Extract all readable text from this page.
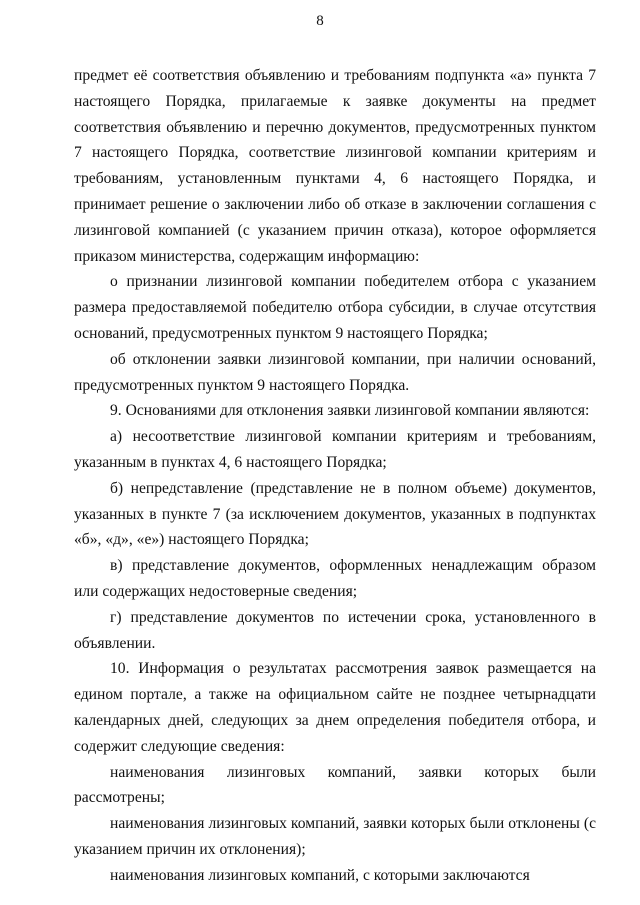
8

предмет её соответствия объявлению и требованиям подпункта «а» пункта 7 настоящего Порядка, прилагаемые к заявке документы на предмет соответствия объявлению и перечню документов, предусмотренных пунктом 7 настоящего Порядка, соответствие лизинговой компании критериям и требованиям, установленным пунктами 4, 6 настоящего Порядка, и принимает решение о заключении либо об отказе в заключении соглашения с лизинговой компанией (с указанием причин отказа), которое оформляется приказом министерства, содержащим информацию:

о признании лизинговой компании победителем отбора с указанием размера предоставляемой победителю отбора субсидии, в случае отсутствия оснований, предусмотренных пунктом 9 настоящего Порядка;

об отклонении заявки лизинговой компании, при наличии оснований, предусмотренных пунктом 9 настоящего Порядка.

9. Основаниями для отклонения заявки лизинговой компании являются:

а) несоответствие лизинговой компании критериям и требованиям, указанным в пунктах 4, 6 настоящего Порядка;

б) непредставление (представление не в полном объеме) документов, указанных в пункте 7 (за исключением документов, указанных в подпунктах «б», «д», «е») настоящего Порядка;

в) представление документов, оформленных ненадлежащим образом или содержащих недостоверные сведения;

г) представление документов по истечении срока, установленного в объявлении.

10. Информация о результатах рассмотрения заявок размещается на едином портале, а также на официальном сайте не позднее четырнадцати календарных дней, следующих за днем определения победителя отбора, и содержит следующие сведения:

наименования лизинговых компаний, заявки которых были рассмотрены;

наименования лизинговых компаний, заявки которых были отклонены (с указанием причин их отклонения);

наименования лизинговых компаний, с которыми заключаются
